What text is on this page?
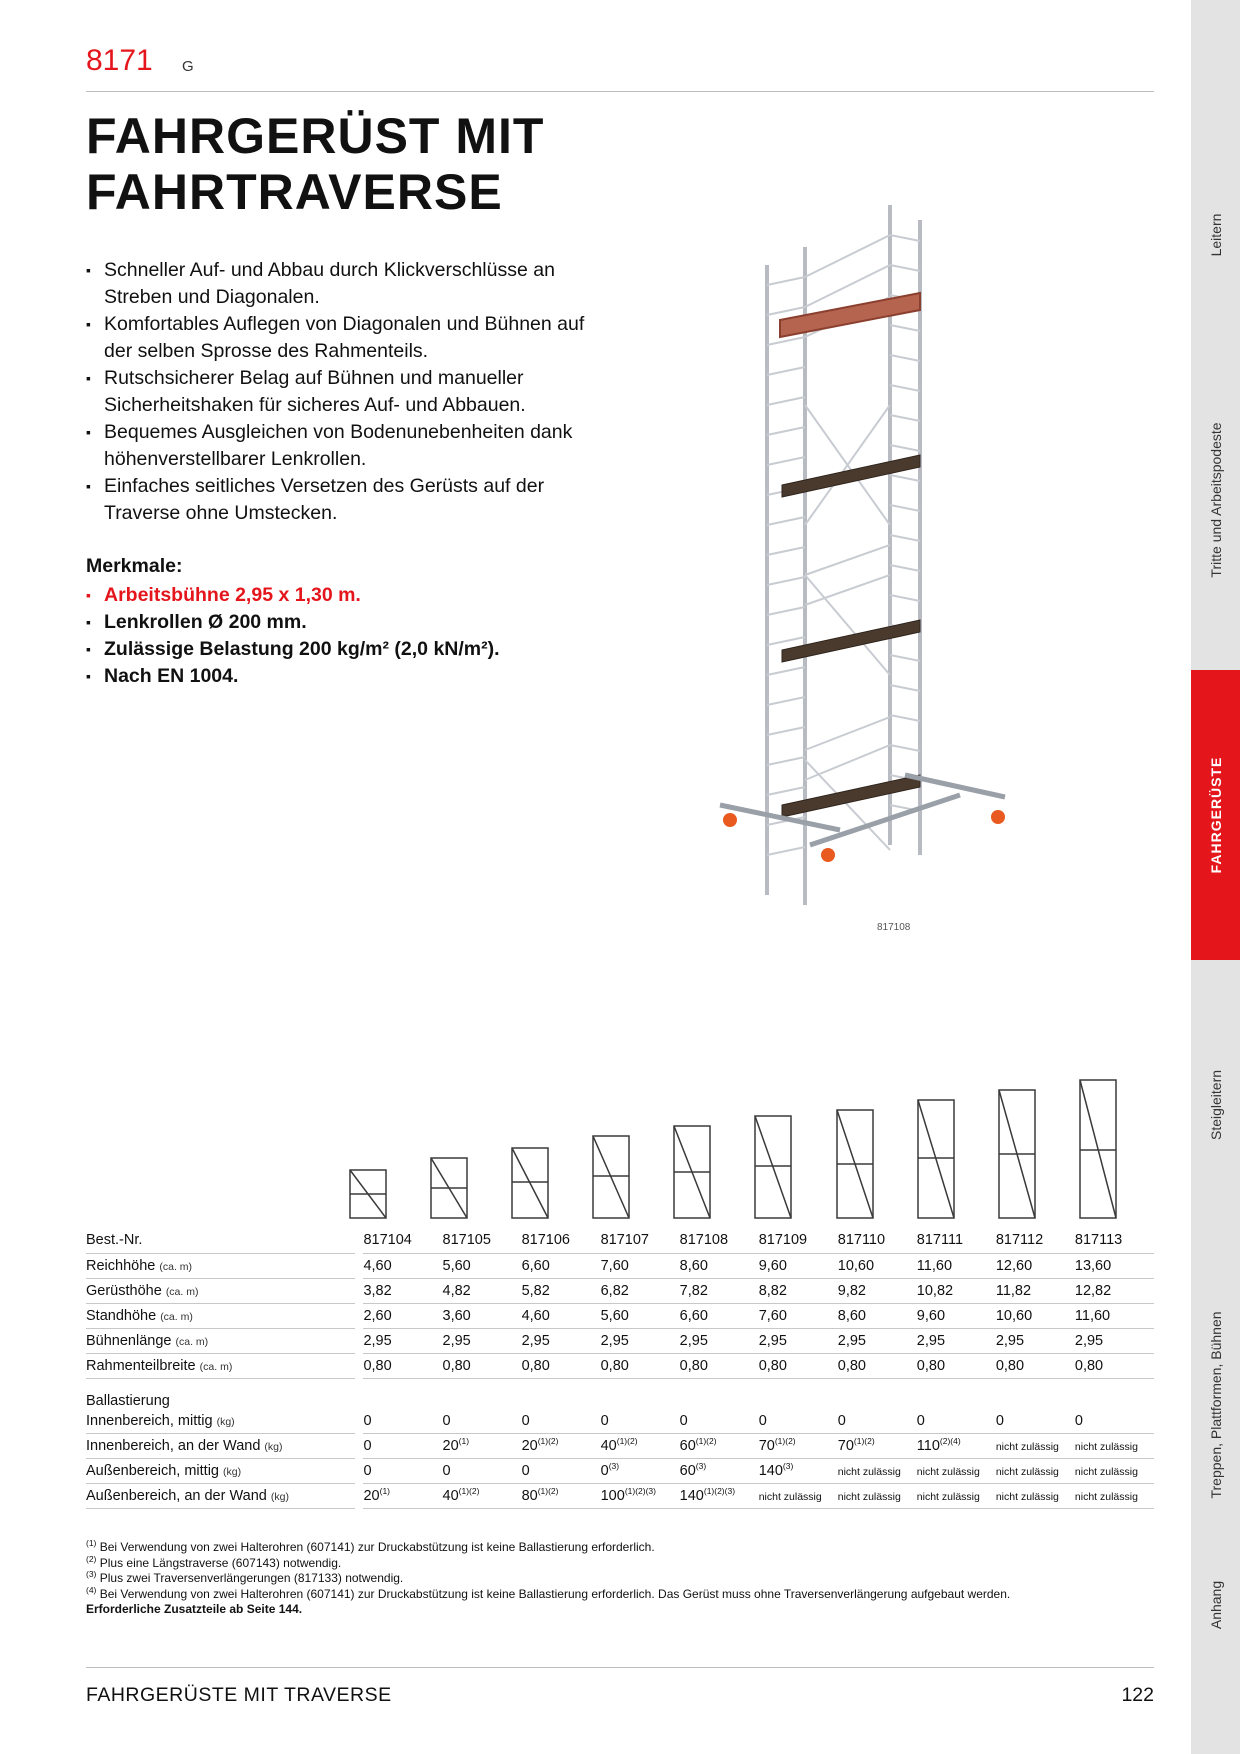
8171 G
FAHRGERÜST MIT
FAHRTRAVERSE
▪ Schneller Auf- und Abbau durch Klickverschlüsse an Streben und Diagonalen.
▪ Komfortables Auflegen von Diagonalen und Bühnen auf der selben Sprosse des Rahmenteils.
▪ Rutschsicherer Belag auf Bühnen und manueller Sicherheitshaken für sicheres Auf- und Abbauen.
▪ Bequemes Ausgleichen von Bodenunebenheiten dank höhenverstellbarer Lenkrollen.
▪ Einfaches seitliches Versetzen des Gerüsts auf der Traverse ohne Umstecken.
Merkmale:
▪ Arbeitsbühne 2,95 x 1,30 m.
▪ Lenkrollen Ø 200 mm.
▪ Zulässige Belastung 200 kg/m² (2,0 kN/m²).
▪ Nach EN 1004.
817108
Best.-Nr.		817104	817105	817106	817107	817108	817109	817110	817111	817112	817113
Reichhöhe (ca. m)		4,60	5,60	6,60	7,60	8,60	9,60	10,60	11,60	12,60	13,60
Gerüsthöhe (ca. m)		3,82	4,82	5,82	6,82	7,82	8,82	9,82	10,82	11,82	12,82
Standhöhe (ca. m)		2,60	3,60	4,60	5,60	6,60	7,60	8,60	9,60	10,60	11,60
Bühnenlänge (ca. m)		2,95	2,95	2,95	2,95	2,95	2,95	2,95	2,95	2,95	2,95
Rahmenteilbreite (ca. m)		0,80	0,80	0,80	0,80	0,80	0,80	0,80	0,80	0,80	0,80
Ballastierung											
Innenbereich, mittig (kg)		0	0	0	0	0	0	0	0	0	0
Innenbereich, an der Wand (kg)		0	20$^{(1)}$	$20^{(1)(2)}$	$40^{(1)(2)}$	$60^{(1)(2)}$	$70^{(1)(2)}$	$70^{(1)(2)}$	$110^{(2)(4)}$	nicht zulässig	nicht zulässig
Außenbereich, mittig (kg)		0	0	0	0$^{(3)}$	60$^{(3)}$	140$^{(3)}$	nicht zulässig	nicht zulässig	nicht zulässig	nicht zulässig
Außenbereich, an der Wand (kg)		20$^{(1)}$	$40^{(1)(2)}$	$80^{(1)(2)}$	$100^{(1)(2)(3)}$	$140^{(1)(2)(3)}$	nicht zulässig	nicht zulässig	nicht zulässig	nicht zulässig	nicht zulässig
$^{(1)}$ Bei Verwendung von zwei Halterohren (607141) zur Druckabstützung ist keine Ballastierung erforderlich.
$^{(2)}$ Plus eine Längstraverse (607143) notwendig.
$^{(3)}$ Plus zwei Traversenverlängerungen (817133) notwendig.
$^{(4)}$ Bei Verwendung von zwei Halterohren (607141) zur Druckabstützung ist keine Ballastierung erforderlich. Das Gerüst muss ohne Traversenverlängerung aufgebaut werden.
Erforderliche Zusatzteile ab Seite 144.
FAHRGERÜSTE MIT TRAVERSE	122
Leitern
Tritte und Arbeitspodeste
FAHRGERÜSTE
Steigleitern
Treppen, Plattformen, Bühnen
Anhang
